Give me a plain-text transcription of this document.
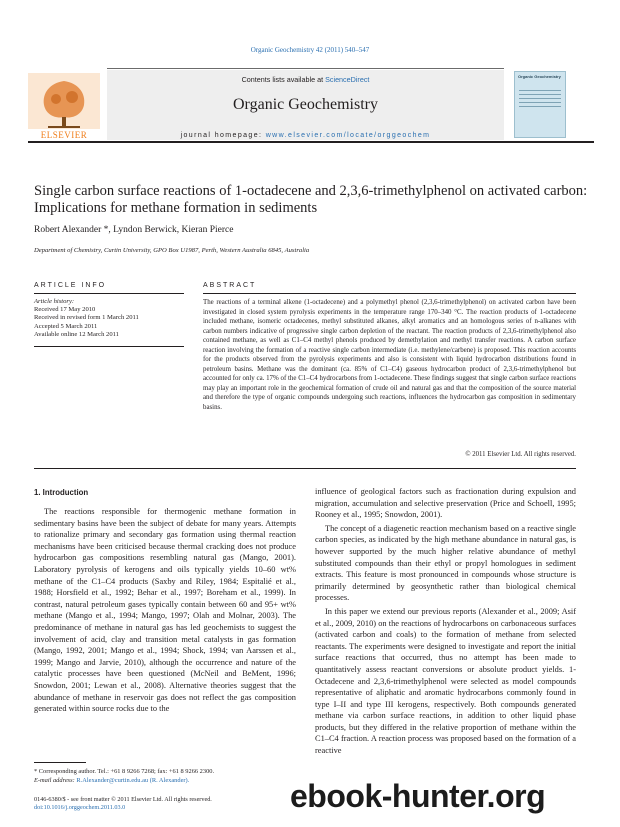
Organic Geochemistry 42 (2011) 540–547
Contents lists available at ScienceDirect
Organic Geochemistry
journal homepage: www.elsevier.com/locate/orggeochem
ELSEVIER
Organic Geochemistry
Single carbon surface reactions of 1-octadecene and 2,3,6-trimethylphenol on activated carbon: Implications for methane formation in sediments
Robert Alexander *, Lyndon Berwick, Kieran Pierce
Department of Chemistry, Curtin University, GPO Box U1987, Perth, Western Australia 6845, Australia
ARTICLE INFO
Article history:
Received 17 May 2010
Received in revised form 1 March 2011
Accepted 5 March 2011
Available online 12 March 2011
ABSTRACT

The reactions of a terminal alkene (1-octadecene) and a polymethyl phenol (2,3,6-trimethylphenol) on activated carbon have been investigated in closed system pyrolysis experiments in the temperature range 170–340 °C. The reaction products of 1-octadecene included methane, isomeric octadecenes, methyl substituted alkanes, alkyl aromatics and an homologous series of n-alkanes with carbon numbers indicative of progressive single carbon depletion of the reactant. The reaction products of 2,3,6-trimethylphenol also contained methane, as well as C1–C4 methyl phenols produced by demethylation and methyl transfer reactions. A carbon surface reaction involving the formation of a reactive single carbon intermediate (i.e. methylene/carbene) is proposed. This reaction accounts for the products observed from the pyrolysis experiments and also is consistent with liquid hydrocarbon distributions found in petroleum basins. Methane was the dominant (ca. 85% of C1–C4) gaseous hydrocarbon product of 2,3,6-trimethylphenol but accounted for only ca. 17% of the C1–C4 hydrocarbons from 1-octadecene. These findings suggest that single carbon surface reactions may play an important role in the geochemical formation of crude oil and natural gas and that the composition of the source material and therefore the type of organic compounds undergoing such reactions, influences the hydrocarbon gas composition in sedimentary basins.

© 2011 Elsevier Ltd. All rights reserved.
1. Introduction

The reactions responsible for thermogenic methane formation in sedimentary basins have been the subject of debate for many years. Attempts to rationalize primary and secondary gas formation using thermal reaction mechanisms have been criticised because thermal cracking does not produce hydrocarbon gas compositions resembling natural gas (Mango, 2001). Laboratory pyrolysis of kerogens and oils typically yields 10–60 wt% methane of the C1–C4 products (Saxby and Riley, 1984; Espitalié et al., 1988; Horsfield et al., 1992; Behar et al., 1997; Boreham et al., 1999). In contrast, natural petroleum gases typically contain between 60 and 95+ wt% methane (Mango et al., 1994; Mango, 1997; Olah and Molnar, 2003). The predominance of methane in natural gas has led geochemists to suggest the involvement of acid, clay and transition metal catalysts in gas formation (Mango, 1992, 2001; Mango et al., 1994; Shock, 1994; van Aarssen et al., 1999; Mango and Jarvie, 2010), although the occurrence and nature of the catalytic processes have been questioned (McNeil and BeMent, 1996; Snowdon, 2001; Lewan et al., 2008). Alternative theories suggest that the abundance of methane in reservoir gas does not reflect the gas composition generated within source rocks due to the

influence of geological factors such as fractionation during expulsion and migration, accumulation and selective preservation (Price and Schoell, 1995; Rooney et al., 1995; Snowdon, 2001).

The concept of a diagenetic reaction mechanism based on a reactive single carbon species, as indicated by the high methane abundance in natural gas, is however supported by the much higher relative abundance of methyl substituted compounds than their ethyl or propyl homologues in sediment extracts. This feature is most pronounced in compounds whose structure is primarily determined by geosynthetic rather than biological chemical processes.

In this paper we extend our previous reports (Alexander et al., 2009; Asif et al., 2009, 2010) on the reactions of hydrocarbons on carbonaceous surfaces (activated carbon and coals) to the formation of methane from selected reactants. The experiments were designed to investigate and report the initial surface reactions that occurred, thus no attempt has been made to quantitatively assess reactant conversions or absolute product yields. 1-Octadecene and 2,3,6-trimethylphenol were selected as model compounds representative of aliphatic and aromatic hydrocarbons commonly found in type I–II and type III kerogens, respectively. Both compounds generated methane via carbon surface reactions, in addition to other liquid phase products, but they differed in the relative proportion of methane within the C1–C4 fraction. A reaction process was proposed based on the formation of a reactive

* Corresponding author. Tel.: +61 8 9266 7268; fax: +61 8 9266 2300.
E-mail address: R.Alexander@curtin.edu.au (R. Alexander).
0146-6380/$ - see front matter © 2011 Elsevier Ltd. All rights reserved.
doi:10.1016/j.orggeochem.2011.03.0	ebook-hunter.org
